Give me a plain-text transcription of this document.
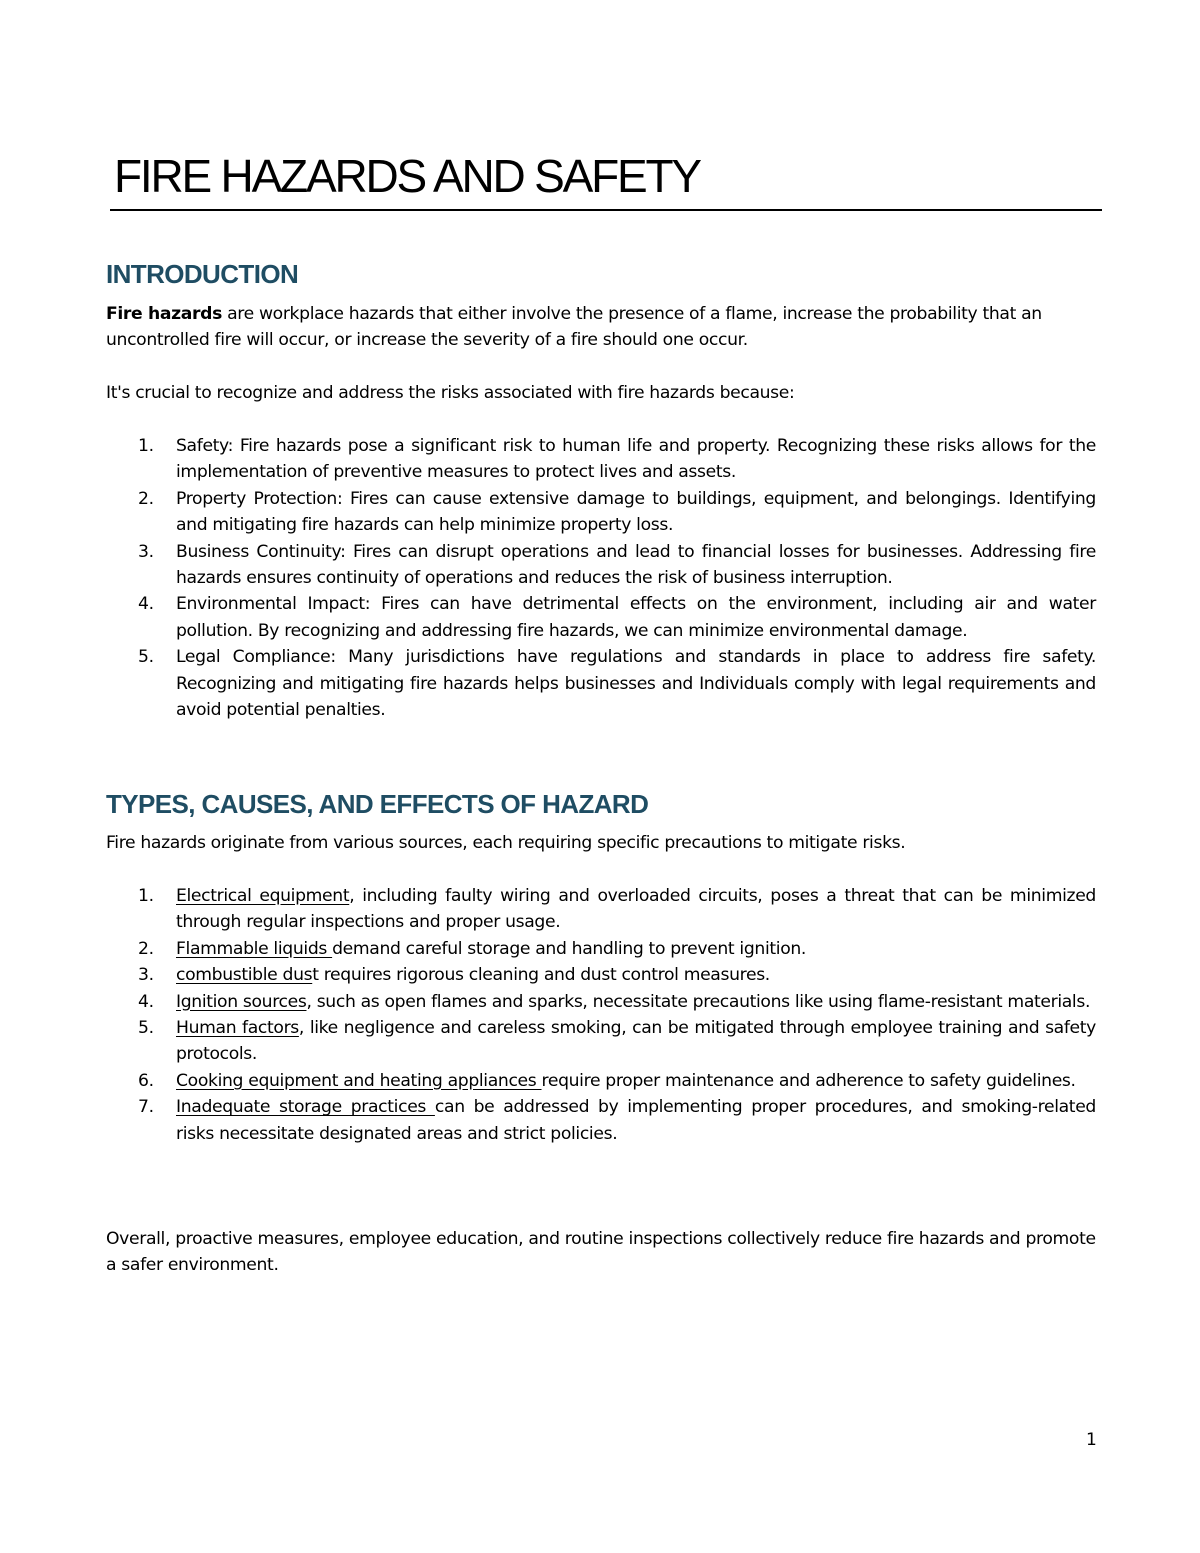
FIRE HAZARDS AND SAFETY
INTRODUCTION

Fire hazards are workplace hazards that either involve the presence of a flame, increase the probability that an uncontrolled fire will occur, or increase the severity of a fire should one occur.

It's crucial to recognize and address the risks associated with fire hazards because:

1. Safety: Fire hazards pose a significant risk to human life and property. Recognizing these risks allows for the implementation of preventive measures to protect lives and assets.
2. Property Protection: Fires can cause extensive damage to buildings, equipment, and belongings. Identifying and mitigating fire hazards can help minimize property loss.
3. Business Continuity: Fires can disrupt operations and lead to financial losses for businesses. Addressing fire hazards ensures continuity of operations and reduces the risk of business interruption.
4. Environmental Impact: Fires can have detrimental effects on the environment, including air and water pollution. By recognizing and addressing fire hazards, we can minimize environmental damage.
5. Legal Compliance: Many jurisdictions have regulations and standards in place to address fire safety. Recognizing and mitigating fire hazards helps businesses and Individuals comply with legal requirements and avoid potential penalties.
TYPES, CAUSES, AND EFFECTS OF HAZARD

Fire hazards originate from various sources, each requiring specific precautions to mitigate risks.

1. Electrical equipment, including faulty wiring and overloaded circuits, poses a threat that can be minimized through regular inspections and proper usage.
2. Flammable liquids demand careful storage and handling to prevent ignition.
3. combustible dust requires rigorous cleaning and dust control measures.
4. Ignition sources, such as open flames and sparks, necessitate precautions like using flame-resistant materials.
5. Human factors, like negligence and careless smoking, can be mitigated through employee training and safety protocols.
6. Cooking equipment and heating appliances require proper maintenance and adherence to safety guidelines.
7. Inadequate storage practices can be addressed by implementing proper procedures, and smoking-related risks necessitate designated areas and strict policies.

Overall, proactive measures, employee education, and routine inspections collectively reduce fire hazards and promote a safer environment.

1
